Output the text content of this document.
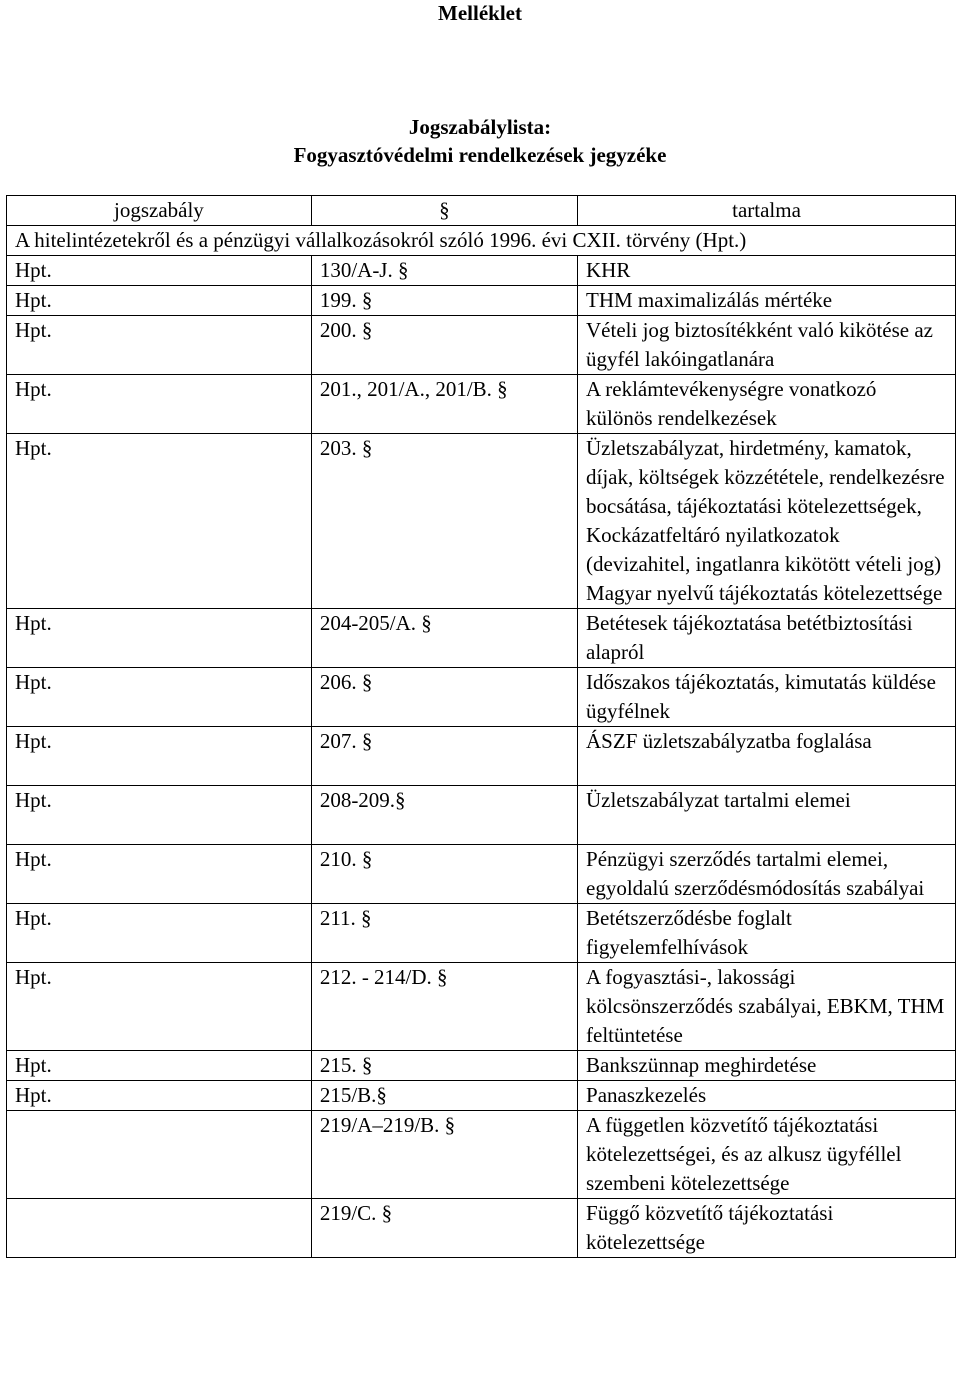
Melléklet

Jogszabálylista:

Fogyasztóvédelmi rendelkezések jegyzéke

jogszabály	§	tartalma
A hitelintézetekről és a pénzügyi vállalkozásokról szóló 1996. évi CXII. törvény (Hpt.)		
Hpt.	130/A-J. §	KHR
Hpt.	199. §	THM maximalizálás mértéke
Hpt.	200. §	Vételi jog biztosítékként való kikötése az ügyfél lakóingatlanára
Hpt.	201., 201/A., 201/B. §	A reklámtevékenységre vonatkozó különös rendelkezések
Hpt.	203. §	Üzletszabályzat, hirdetmény, kamatok, díjak, költségek közzététele, rendelkezésre bocsátása, tájékoztatási kötelezettségek, Kockázatfeltáró nyilatkozatok (devizahitel, ingatlanra kikötött vételi jog) Magyar nyelvű tájékoztatás kötelezettsége
Hpt.	204-205/A. §	Betétesek tájékoztatása betétbiztosítási alapról
Hpt.	206. §	Időszakos tájékoztatás, kimutatás küldése ügyfélnek
Hpt.	207. §	ÁSZF üzletszabályzatba foglalása
Hpt.	208-209.§	Üzletszabályzat tartalmi elemei
Hpt.	210. §	Pénzügyi szerződés tartalmi elemei, egyoldalú szerződésmódosítás szabályai
Hpt.	211. §	Betétszerződésbe foglalt figyelemfelhívások
Hpt.	212. - 214/D. §	A fogyasztási-, lakossági kölcsönszerződés szabályai, EBKM, THM feltüntetése
Hpt.	215. §	Bankszünnap meghirdetése
Hpt.	215/B.§	Panaszkezelés
	219/A–219/B. §	A független közvetítő tájékoztatási kötelezettségei, és az alkusz ügyféllel szembeni kötelezettsége
	219/C. §	Függő közvetítő tájékoztatási kötelezettsége
